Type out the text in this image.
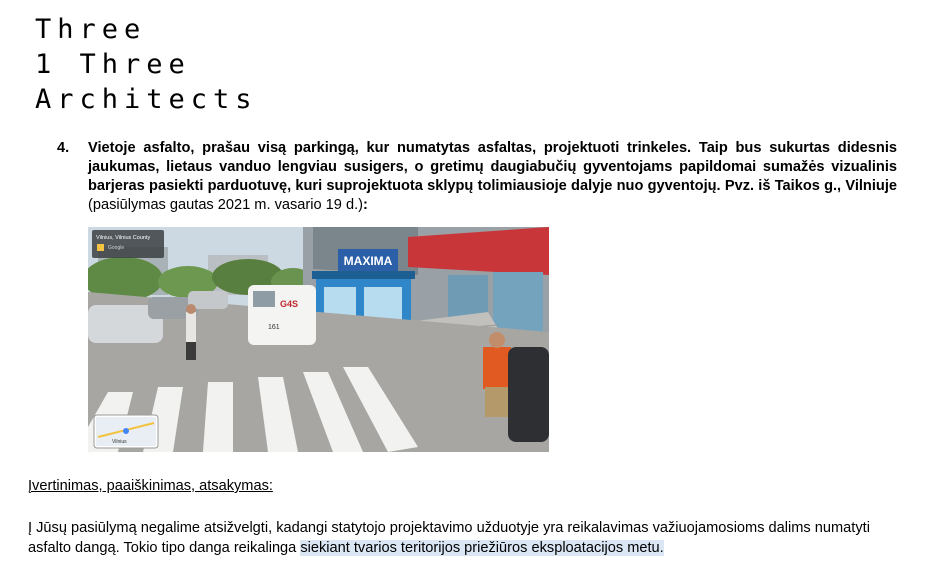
Three
1 Three
Architects
4. Vietoje asfalto, prašau visą parkingą, kur numatytas asfaltas, projektuoti trinkeles. Taip bus sukurtas didesnis jaukumas, lietaus vanduo lengviau susigers, o gretimų daugiabučių gyventojams papildomai sumažės vizualinis barjeras pasiekti parduotuvę, kuri suprojektuota sklypų tolimiausioje dalyje nuo gyventojų. Pvz. iš Taikos g., Vilniuje (pasiūlymas gautas 2021 m. vasario 19 d.):
MAXIMA
G4S
161
Vilnius, Vilnius County
Google
Vilnius
Įvertinimas, paaiškinimas, atsakymas:
Į Jūsų pasiūlymą negalime atsižvelgti, kadangi statytojo projektavimo užduotyje yra reikalavimas važiuojamosioms dalims numatyti asfalto dangą. Tokio tipo danga reikalinga siekiant tvarios teritorijos priežiūros eksploatacijos metu.
